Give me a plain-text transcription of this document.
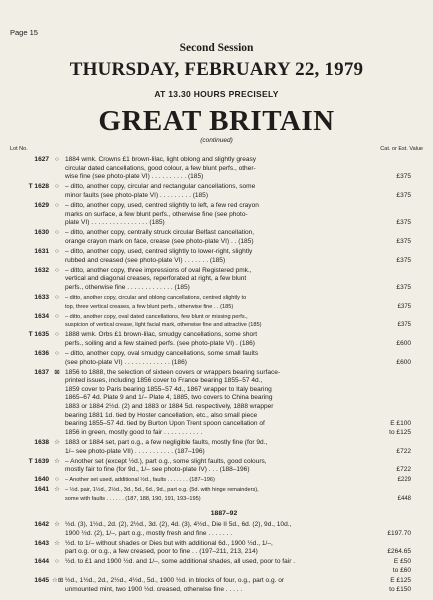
Page 15
Second Session
THURSDAY, FEBRUARY 22, 1979
AT 13.30 HOURS PRECISELY
GREAT BRITAIN
(continued)
Lot No.	Cat. or Est. Value
1627 ○ 1884 wmk. Crowns £1 brown-lilac, light oblong and slightly greasy
circular dated cancellations, good colour, a few blunt perfs., other-
wise fine (see photo-plate VI) . . . . . . . . . . (185)

	£375
T 1628 ○ – ditto, another copy, circular and rectangular cancellations, some
minor faults (see photo-plate VI) . . . . . . . . . (185)
	£375
1629 ○ – ditto, another copy, used, centred slightly to left, a few red crayon
marks on surface, a few blunt perfs., otherwise fine (see photo-
plate VI) . . . . . . . . . . . . . . . . (185)

	£375
1630 ○ – ditto, another copy, centrally struck circular Belfast cancellation,
orange crayon mark on face, crease (see photo-plate VI) . . (185)
	£375
1631 ○ – ditto, another copy, used, centred slightly to lower-right, slightly
rubbed and creased (see photo-plate VI) . . . . . . . (185)
	£375
1632 ○ – ditto, another copy, three impressions of oval Registered pmk.,
vertical and diagonal creases, reperforated at right, a few blunt
perfs., otherwise fine . . . . . . . . . . . . . (185)

	£375
1633 ○	– ditto, another copy, circular and oblong cancellations, centred slightly to
top, three vertical creases, a few blunt perfs., otherwise fine . . (185)
	£375
1634 ○	– ditto, another copy, oval dated cancellations, few blunt or missing perfs.,
suspicion of vertical crease, light facial mark, otherwise fine and attractive (185)
	£375
T 1635 ○ 1888 wmk. Orbs £1 brown-lilac, smudgy cancellations, some short
perfs., soiling and a few stained perfs. (see photo-plate VI) . (186)
	£600
1636 ○ – ditto, another copy, oval smudgy cancellations, some small faults
(see photo-plate VI) . . . . . . . . . . . . . (186)
	£600
1637 ⊠ 1856 to 1888, the selection of sixteen covers or wrappers bearing surface-
printed issues, including 1856 cover to France bearing 1855–57 4d.,
1859 cover to Paris bearing 1855–57 4d., 1867 wrapper to Italy bearing
1865–67 4d. Plate 9 and 1/– Plate 4, 1885, two covers to China bearing
1883 or 1884 2½d. (2) and 1883 or 1884 5d. respectively, 1888 wrapper
bearing 1881 1d. tied by Hoster cancellation, etc., also small piece
bearing 1855–57 4d. tied by Burton Upon Trent spoon cancellation of
1856 in green, mostly good to fair . . . . . . . . . . .

E £100
to £125
1638 ☆ 1883 or 1884 set, part o.g., a few negligible faults, mostly fine (for 9d.,
1/– see photo-plate VII) . . . . . . . . . . . (187–196)
	£722
T 1639 ☆ – Another set (except ½d.), part o.g., some slight faults, good colours,
mostly fair to fine (for 9d., 1/– see photo-plate IV) . . . (188–196)
	£722
1640 ○	– Another set used, additional ½d., faults . . . . . . . (187–196)	£229
1641 ☆ – ½d. pair, 1½d., 2½d., 3d., 5d., 6d., 9d., part o.g. (5d. with hinge remainders),
some with faults . . . . . . (187, 188, 190, 191, 193–195)
	£448
1887–92
1642 ☆ ½d. (3), 1½d., 2d. (2), 2½d., 3d. (2), 4d. (3), 4½d., Die II 5d., 6d. (2), 9d., 10d.,
1900 ½d. (2), 1/–, part o.g., mostly fresh and fine . . . . . . .
	£197.70
1643 ☆ ½d. to 1/– without shades or Dies but with additional 6d., 1900 ½d., 1/–,
part o.g. or o.g., a few creased, poor to fine . . (197–211, 213, 214)
	£264.65
1644 ○ ½d. to £1 and 1900 ½d. and 1/–, some additional shades, all used, poor to fair .	E £50
to £60
1645 ☆⊞ ½d., 1½d., 2d., 2½d., 4½d., 5d., 1900 ½d. in blocks of four, o.g., part o.g. or
unmounted mint, two 1900 ½d. creased, otherwise fine . . . . .
E £125
to £150
